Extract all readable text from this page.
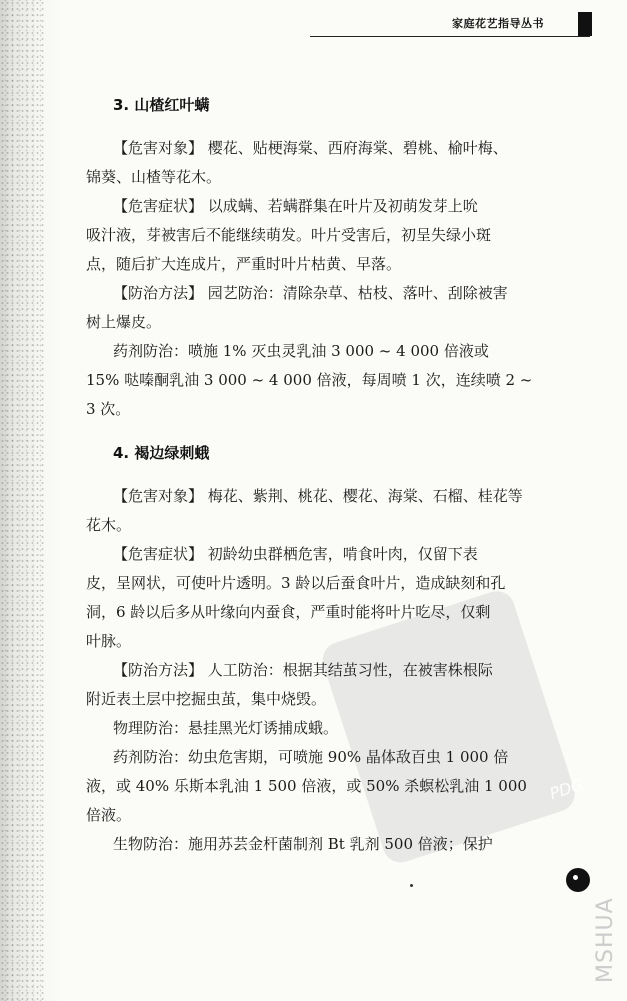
家庭花艺指导丛书
PDG
3. 山楂红叶螨
【危害对象】 樱花、贴梗海棠、西府海棠、碧桃、榆叶梅、
锦葵、山楂等花木。
【危害症状】 以成螨、若螨群集在叶片及初萌发芽上吮
吸汁液，芽被害后不能继续萌发。叶片受害后，初呈失绿小斑
点，随后扩大连成片，严重时叶片枯黄、早落。
【防治方法】 园艺防治：清除杂草、枯枝、落叶、刮除被害
树上爆皮。
药剂防治：喷施 1% 灭虫灵乳油 3 000 ~ 4 000 倍液或
15% 哒嗪酮乳油 3 000 ~ 4 000 倍液，每周喷 1 次，连续喷 2 ~
3 次。
4. 褐边绿刺蛾
【危害对象】 梅花、紫荆、桃花、樱花、海棠、石榴、桂花等
花木。
【危害症状】 初龄幼虫群栖危害，啃食叶肉，仅留下表
皮，呈网状，可使叶片透明。3 龄以后蚕食叶片，造成缺刻和孔
洞，6 龄以后多从叶缘向内蚕食，严重时能将叶片吃尽，仅剩
叶脉。
【防治方法】 人工防治：根据其结茧习性，在被害株根际
附近表土层中挖掘虫茧，集中烧毁。
物理防治：悬挂黑光灯诱捕成蛾。
药剂防治：幼虫危害期，可喷施 90% 晶体敌百虫 1 000 倍
液，或 40% 乐斯本乳油 1 500 倍液，或 50% 杀螟松乳油 1 000
倍液。
生物防治：施用苏芸金杆菌制剂 Bt 乳剂 500 倍液；保护
MSHUA
